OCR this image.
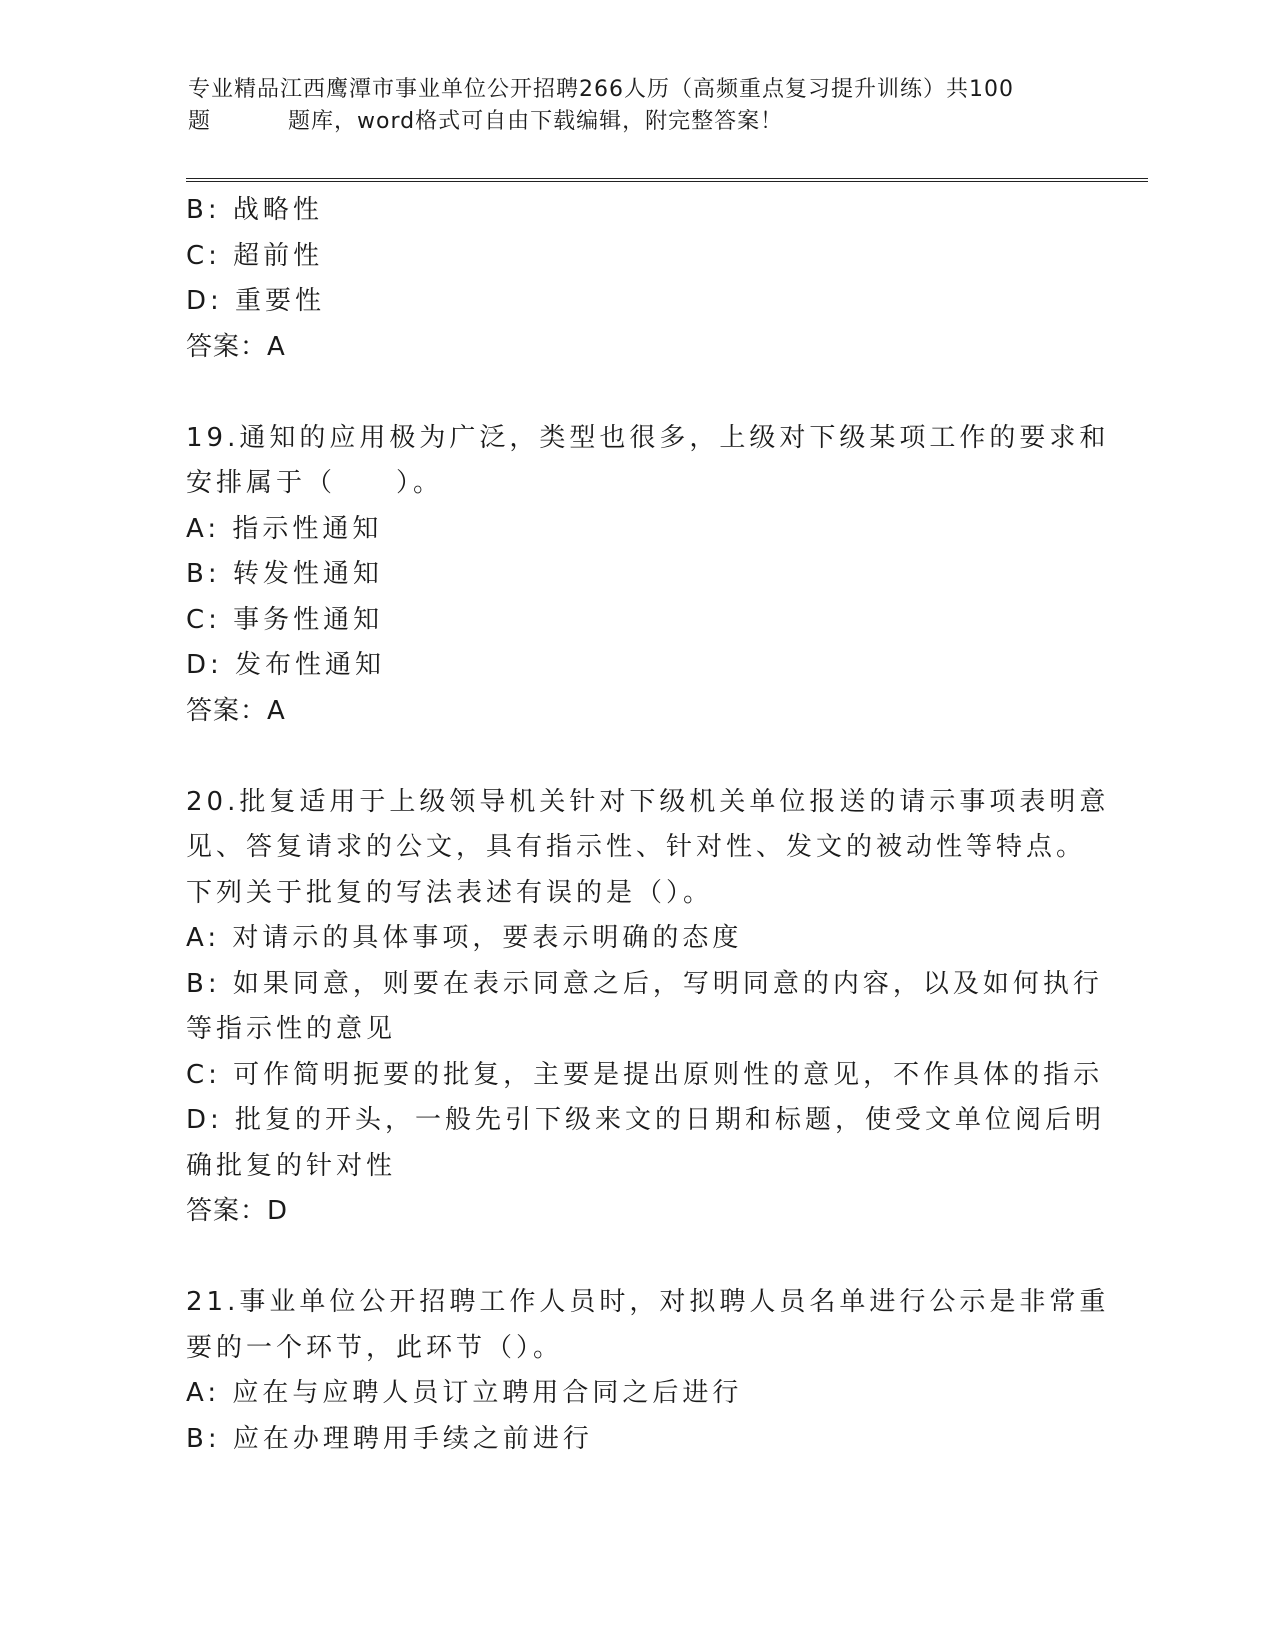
专业精品江西鹰潭市事业单位公开招聘266人历（高频重点复习提升训练）共100
题	题库，word格式可自由下载编辑，附完整答案！
B: 战略性
C: 超前性
D: 重要性
答案：A
19.通知的应用极为广泛，类型也很多，上级对下级某项工作的要求和
安排属于（　　）。
A: 指示性通知
B: 转发性通知
C: 事务性通知
D: 发布性通知
答案：A
20.批复适用于上级领导机关针对下级机关单位报送的请示事项表明意
见、答复请求的公文，具有指示性、针对性、发文的被动性等特点。
下列关于批复的写法表述有误的是（）。
A: 对请示的具体事项，要表示明确的态度
B: 如果同意，则要在表示同意之后，写明同意的内容，以及如何执行
等指示性的意见
C: 可作简明扼要的批复，主要是提出原则性的意见，不作具体的指示
D: 批复的开头，一般先引下级来文的日期和标题，使受文单位阅后明
确批复的针对性
答案：D
21.事业单位公开招聘工作人员时，对拟聘人员名单进行公示是非常重
要的一个环节，此环节（）。
A: 应在与应聘人员订立聘用合同之后进行
B: 应在办理聘用手续之前进行
